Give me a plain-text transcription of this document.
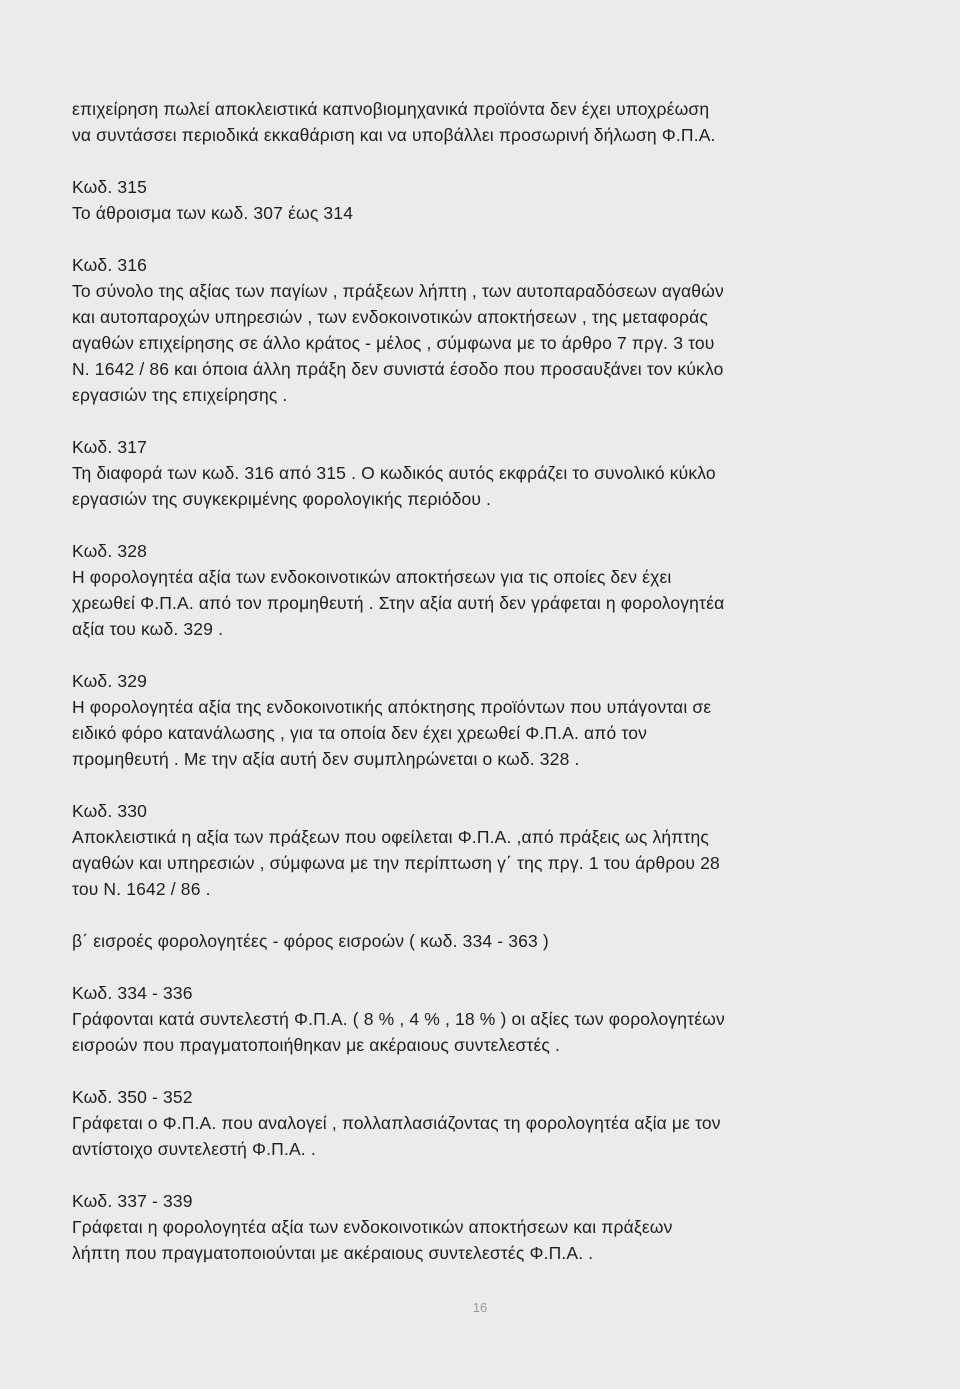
επιχείρηση πωλεί αποκλειστικά καπνοβιομηχανικά προϊόντα δεν έχει υποχρέωση
να συντάσσει περιοδικά εκκαθάριση και να υποβάλλει προσωρινή δήλωση Φ.Π.Α.
Κωδ. 315
Το άθροισμα των κωδ. 307 έως 314
Κωδ. 316
Το σύνολο της αξίας των παγίων , πράξεων λήπτη , των αυτοπαραδόσεων αγαθών
και αυτοπαροχών υπηρεσιών , των ενδοκοινοτικών αποκτήσεων , της μεταφοράς
αγαθών επιχείρησης σε άλλο κράτος - μέλος , σύμφωνα με το άρθρο 7 πργ. 3 του
Ν. 1642 / 86 και όποια άλλη πράξη δεν συνιστά έσοδο που προσαυξάνει τον κύκλο
εργασιών της επιχείρησης .
Κωδ. 317
Τη διαφορά των κωδ. 316 από 315 . Ο κωδικός αυτός εκφράζει το συνολικό κύκλο
εργασιών της συγκεκριμένης φορολογικής περιόδου .
Κωδ. 328
Η φορολογητέα αξία των ενδοκοινοτικών αποκτήσεων για τις οποίες δεν έχει
χρεωθεί Φ.Π.Α. από τον προμηθευτή . Στην αξία αυτή δεν γράφεται η φορολογητέα
αξία του κωδ. 329 .
Κωδ. 329
Η φορολογητέα αξία της ενδοκοινοτικής απόκτησης προϊόντων που υπάγονται σε
ειδικό φόρο κατανάλωσης , για τα οποία δεν έχει χρεωθεί Φ.Π.Α. από τον
προμηθευτή . Με την αξία αυτή δεν συμπληρώνεται ο κωδ. 328 .
Κωδ. 330
Αποκλειστικά η αξία των πράξεων που οφείλεται Φ.Π.Α. ,από πράξεις ως λήπτης
αγαθών και υπηρεσιών , σύμφωνα με την περίπτωση γ΄ της πργ. 1 του άρθρου 28
του Ν. 1642 / 86 .
β΄ εισροές φορολογητέες - φόρος εισροών ( κωδ. 334 - 363 )
Κωδ. 334 - 336
Γράφονται κατά συντελεστή Φ.Π.Α. ( 8 % , 4 % , 18 % ) οι αξίες των φορολογητέων
εισροών που πραγματοποιήθηκαν με ακέραιους συντελεστές .
Κωδ. 350 - 352
Γράφεται ο Φ.Π.Α. που αναλογεί , πολλαπλασιάζοντας τη φορολογητέα αξία με τον
αντίστοιχο συντελεστή Φ.Π.Α. .
Κωδ. 337 - 339
Γράφεται η φορολογητέα αξία των ενδοκοινοτικών αποκτήσεων και πράξεων
λήπτη που πραγματοποιούνται με ακέραιους συντελεστές Φ.Π.Α. .
16
